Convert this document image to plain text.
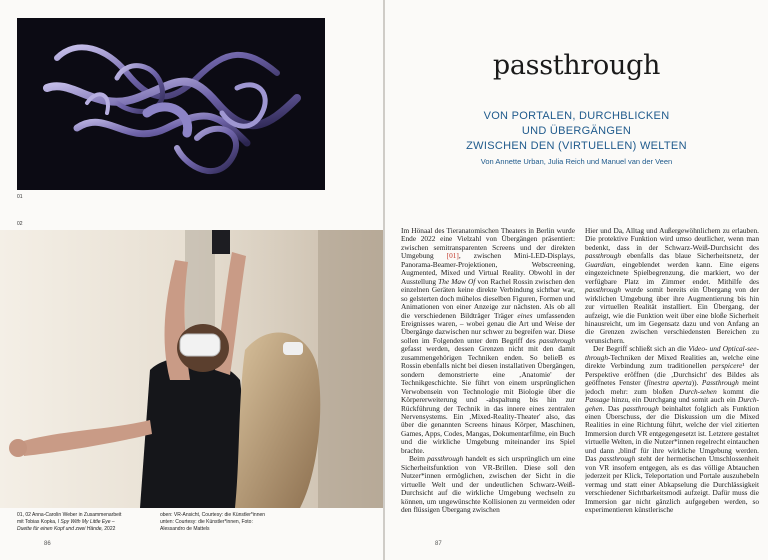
01
02
01, 02 Anna-Carolin Weber in Zusammenarbeit
mit Tobias Kopka, I Spy With My Little Eye –
Duette für einen Kopf und zwei Hände, 2022
oben: VR-Ansicht, Courtesy: die Künstler*innen
unten: Courtesy: die Künstler*innen, Foto:
Alessandro de Mattels
86
passthrough
VON PORTALEN, DURCHBLICKEN
UND ÜBERGÄNGEN
ZWISCHEN DEN (VIRTUELLEN) WELTEN
Von Annette Urban, Julia Reich und Manuel van der Veen

Im Hönaal des Tieranatomischen Theaters in Berlin wurde Ende 2022 eine Vielzahl von Übergängen präsentiert: zwischen semitransparenten Screens und der direkten Umgebung [01], zwischen Mini-LED-Displays, Panorama-Beamer-Projektionen, Webscreening, Augmented, Mixed und Virtual Reality. Obwohl in der Ausstellung The Maw Of von Rachel Rossin zwischen den einzelnen Geräten keine direkte Verbindung sichtbar war, so gelsterten doch mühelos dieselben Figuren, Formen und Animationen von einer Anzeige zur nächsten. Als ob all die verschiedenen Bildträger Träger eines umfassenden Ereignisses waren, – wobei genau die Art und Weise der Übergänge dazwischen nur schwer zu begreifen war. Diese sollen im Folgenden unter dem Begriff des passthrough gefasst werden, dessen Grenzen nicht mit den damit zusammengehörigen Techniken enden. So belieB es Rossin ebenfalls nicht bei diesen installativen Übergängen, sondern demonstrierte eine ‚Anatomie' der Technikgeschichte. Sie führt von einem ursprünglichen Verwobensein von Technologie mit Biologie über die Körpererweiterung und -abspaltung bis hin zur Rückführung der Technik in das innere eines zentralen Nervensystems. Ein ‚Mixed-Reality-Theater' also, das über die genannten Screens hinaus Körper, Maschinen, Games, Apps, Codes, Mangas, Dokumentarfilme, ein Buch und die wirkliche Umgebung miteinander ins Spiel brachte.

Beim passthrough handelt es sich ursprünglich um eine Sicherheitsfunktion von VR-Brillen. Diese soll den Nutzer*innen ermöglichen, zwischen der Sicht in die virtuelle Welt und der undeutlichen Schwarz-Weiß-Durchsicht auf die wirkliche Umgebung wechseln zu können, um ungewünschte Kollisionen zu vermeiden oder den flüssigen Übergang zwischen

Hier und Da, Alltag und Außergewöhnlichem zu erlauben. Die protektive Funktion wird umso deutlicher, wenn man bedenkt, dass in der Schwarz-Weiß-Durchsicht des passthrough ebenfalls das blaue Sicherheitsnetz, der Guardian, eingeblendet werden kann. Eine eigens eingezeichnete Spielbegrenzung, die markiert, wo der verfügbare Platz im Zimmer endet. Mithilfe des passthrough wurde somit bereits ein Übergang von der wirklichen Umgebung über ihre Augmentierung bis hin zur virtuellen Realität installiert. Ein Übergang, der aufzeigt, wie die Funktion weit über eine bloße Sicherheit hinausreicht, um im Gegensatz dazu und von Anfang an die Grenzen zwischen verschiedensten Bereichen zu verunsichern.

Der Begriff schließt sich an die Video- und Optical-see-through-Techniken der Mixed Realities an, welche eine direkte Verbindung zum traditionellen perspicere¹ der Perspektive eröffnen (die ‚Durchsicht' des Bildes als geöffnetes Fenster (finestra aperta)). Passthrough meint jedoch mehr: zum bloßen Durch-sehen kommt die Passage hinzu, ein Durchgang und somit auch ein Durch-gehen. Das passthrough beinhaltet folglich als Funktion einen Überschuss, der die Diskussion um die Mixed Realities in eine Richtung führt, welche der viel zitierten Immersion durch VR entgegengesetzt ist. Letztere gestaltet virtuelle Welten, in die Nutzer*innen regelrecht eintauchen und dann ‚blind' für ihre wirkliche Umgebung werden. Das passthrough steht der hermetischen Umschlossenheit von VR insofern entgegen, als es das völlige Abtauchen jederzeit per Klick, Teleportation und Portale auszuhebeln vermag und statt einer Abkapselung die Durchlässigkeit verschiedener Sichtbarkeitsmodi aufzeigt. Dafür muss die Immersion gar nicht gänzlich aufgegeben werden, so experimentieren künstlerische

87
